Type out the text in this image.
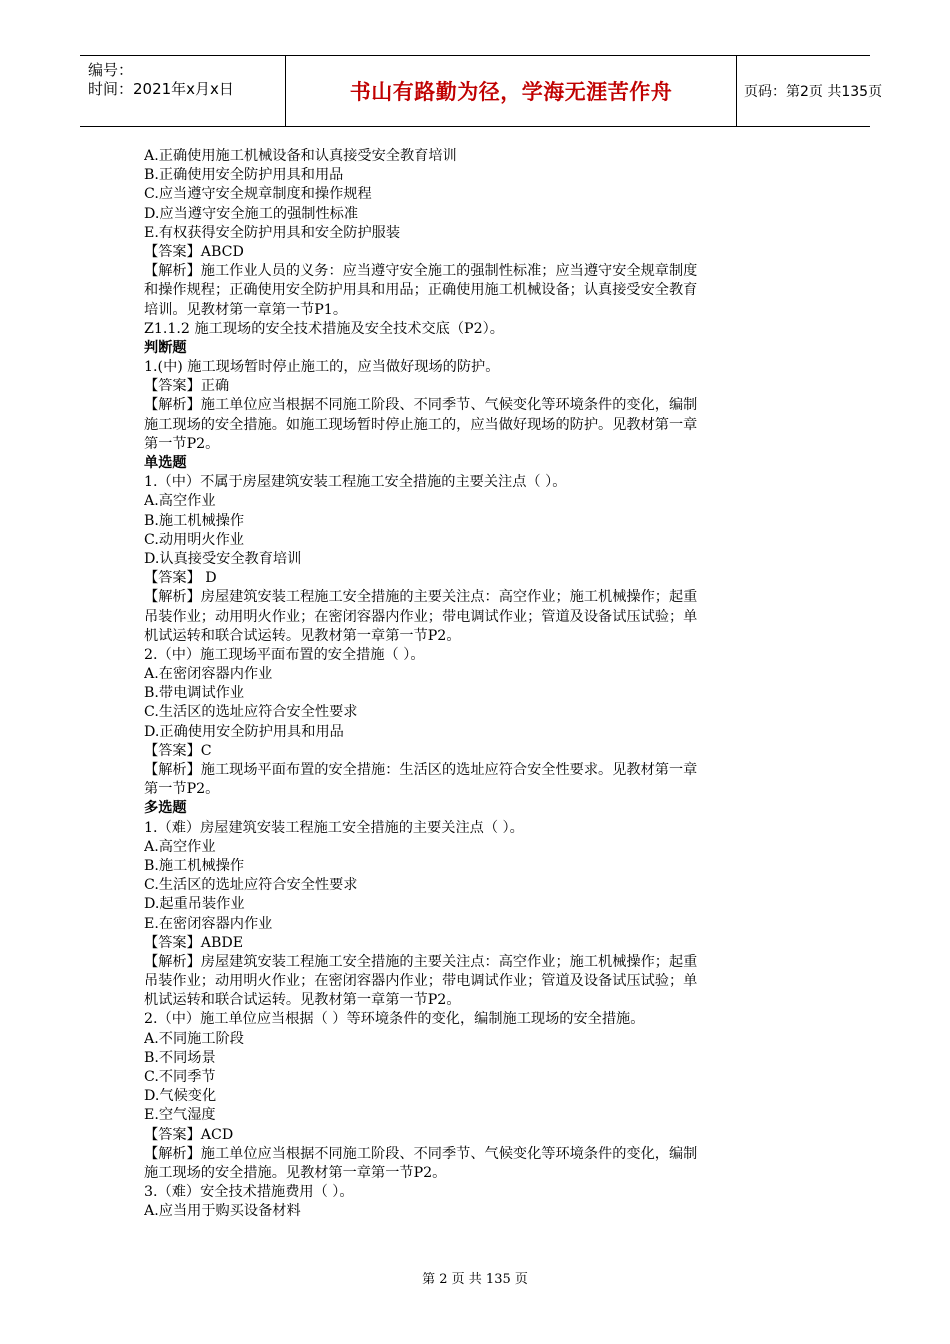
编号：
时间：2021年x月x日	书山有路勤为径，学海无涯苦作舟	页码：第2页 共135页
A.正确使用施工机械设备和认真接受安全教育培训
B.正确使用安全防护用具和用品
C.应当遵守安全规章制度和操作规程
D.应当遵守安全施工的强制性标准
E.有权获得安全防护用具和安全防护服装
【答案】ABCD
【解析】施工作业人员的义务：应当遵守安全施工的强制性标准；应当遵守安全规章制度
和操作规程；正确使用安全防护用具和用品；正确使用施工机械设备；认真接受安全教育
培训。见教材第一章第一节P1。
Z1.1.2 施工现场的安全技术措施及安全技术交底（P2）。
判断题
1.(中) 施工现场暂时停止施工的，应当做好现场的防护。
【答案】正确
【解析】施工单位应当根据不同施工阶段、不同季节、气候变化等环境条件的变化，编制
施工现场的安全措施。如施工现场暂时停止施工的，应当做好现场的防护。见教材第一章
第一节P2。
单选题
1.（中）不属于房屋建筑安装工程施工安全措施的主要关注点（ ）。
A.高空作业
B.施工机械操作
C.动用明火作业
D.认真接受安全教育培训
【答案】 D
【解析】房屋建筑安装工程施工安全措施的主要关注点：高空作业；施工机械操作；起重
吊装作业；动用明火作业；在密闭容器内作业；带电调试作业；管道及设备试压试验；单
机试运转和联合试运转。见教材第一章第一节P2。
2.（中）施工现场平面布置的安全措施（ ）。
A.在密闭容器内作业
B.带电调试作业
C.生活区的选址应符合安全性要求
D.正确使用安全防护用具和用品
【答案】C
【解析】施工现场平面布置的安全措施：生活区的选址应符合安全性要求。见教材第一章
第一节P2。
多选题
1.（难）房屋建筑安装工程施工安全措施的主要关注点（ ）。
A.高空作业
B.施工机械操作
C.生活区的选址应符合安全性要求
D.起重吊装作业
E.在密闭容器内作业
【答案】ABDE
【解析】房屋建筑安装工程施工安全措施的主要关注点：高空作业；施工机械操作；起重
吊装作业；动用明火作业；在密闭容器内作业；带电调试作业；管道及设备试压试验；单
机试运转和联合试运转。见教材第一章第一节P2。
2.（中）施工单位应当根据（ ）等环境条件的变化，编制施工现场的安全措施。
A.不同施工阶段
B.不同场景
C.不同季节
D.气候变化
E.空气湿度
【答案】ACD
【解析】施工单位应当根据不同施工阶段、不同季节、气候变化等环境条件的变化，编制
施工现场的安全措施。见教材第一章第一节P2。
3.（难）安全技术措施费用（ ）。
A.应当用于购买设备材料
第 2 页 共 135 页
